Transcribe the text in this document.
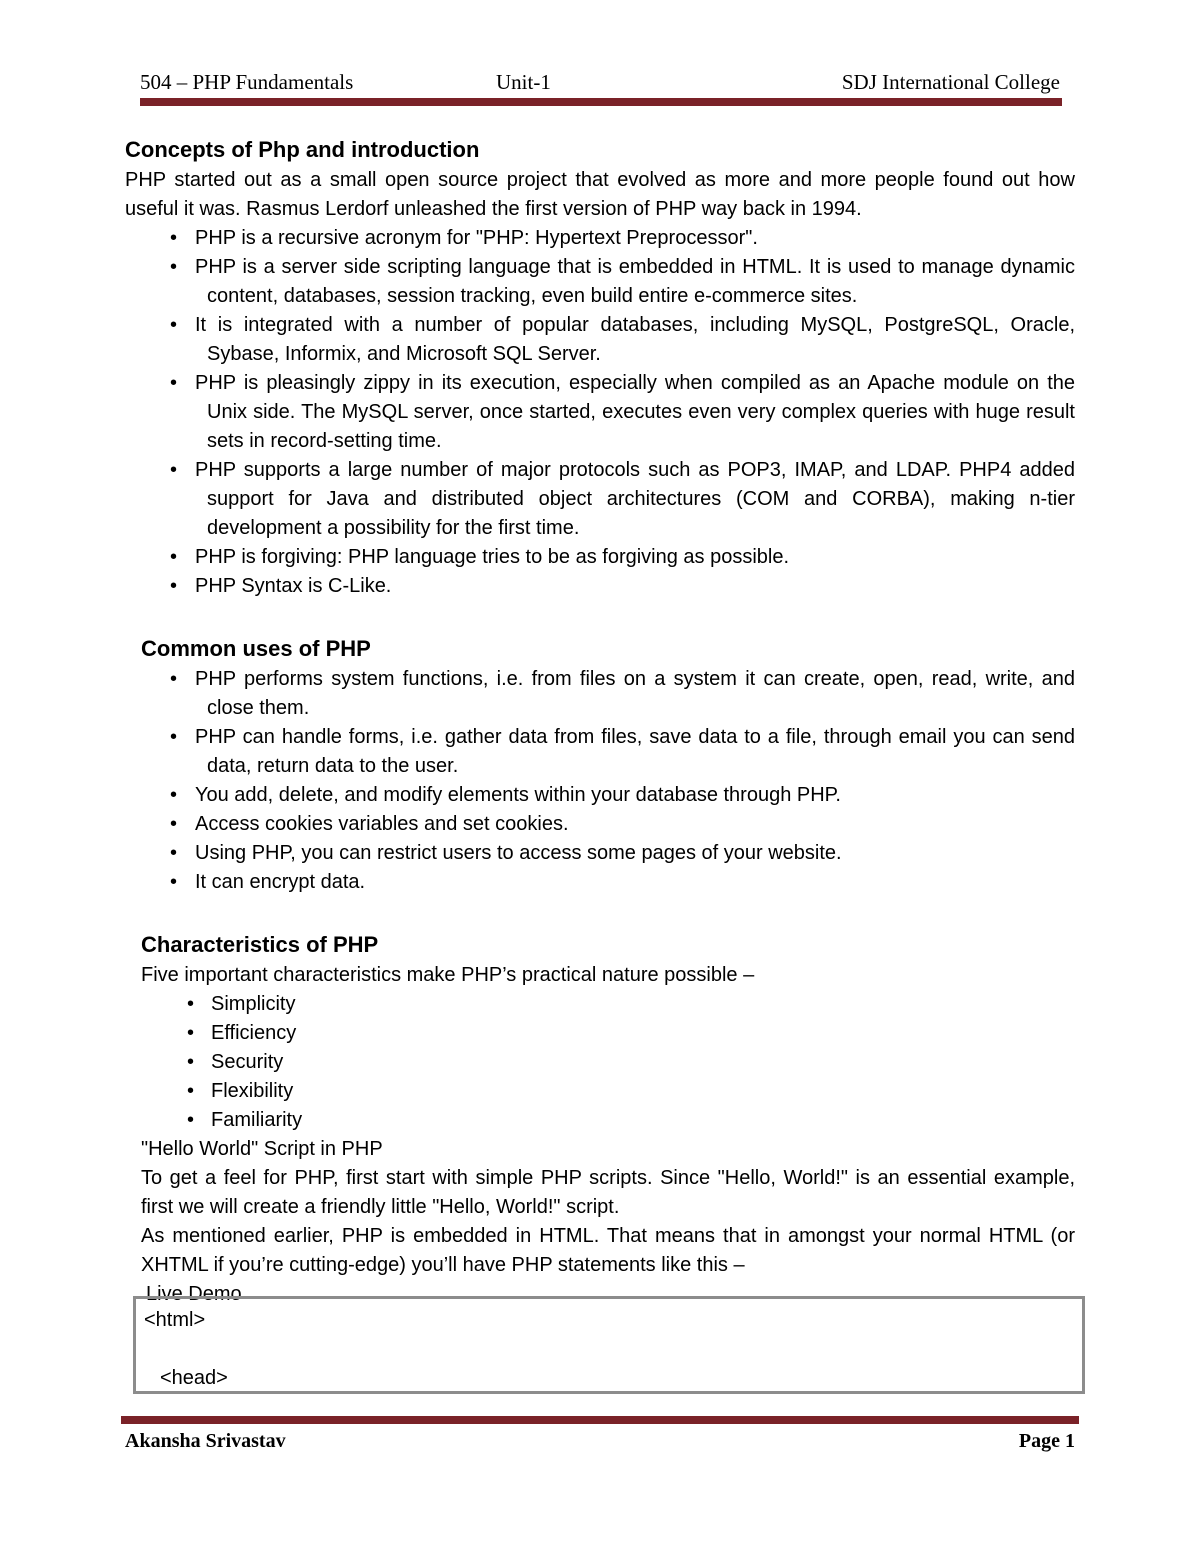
504 – PHP Fundamentals	Unit-1	SDJ International College
Concepts of Php and introduction

PHP started out as a small open source project that evolved as more and more people found out how useful it was. Rasmus Lerdorf unleashed the first version of PHP way back in 1994.

• PHP is a recursive acronym for "PHP: Hypertext Preprocessor".
• PHP is a server side scripting language that is embedded in HTML. It is used to manage dynamic content, databases, session tracking, even build entire e-commerce sites.
• It is integrated with a number of popular databases, including MySQL, PostgreSQL, Oracle, Sybase, Informix, and Microsoft SQL Server.
• PHP is pleasingly zippy in its execution, especially when compiled as an Apache module on the Unix side. The MySQL server, once started, executes even very complex queries with huge result sets in record-setting time.
• PHP supports a large number of major protocols such as POP3, IMAP, and LDAP. PHP4 added support for Java and distributed object architectures (COM and CORBA), making n-tier development a possibility for the first time.
• PHP is forgiving: PHP language tries to be as forgiving as possible.
• PHP Syntax is C-Like.
Common uses of PHP
• PHP performs system functions, i.e. from files on a system it can create, open, read, write, and close them.
• PHP can handle forms, i.e. gather data from files, save data to a file, through email you can send data, return data to the user.
• You add, delete, and modify elements within your database through PHP.
• Access cookies variables and set cookies.
• Using PHP, you can restrict users to access some pages of your website.
• It can encrypt data.
Characteristics of PHP

Five important characteristics make PHP’s practical nature possible –

• Simplicity
• Efficiency
• Security
• Flexibility
• Familiarity

"Hello World" Script in PHP

To get a feel for PHP, first start with simple PHP scripts. Since "Hello, World!" is an essential example, first we will create a friendly little "Hello, World!" script.

As mentioned earlier, PHP is embedded in HTML. That means that in amongst your normal HTML (or XHTML if you’re cutting-edge) you’ll have PHP statements like this –

Live Demo

<html>
<head>
Akansha Srivastav	Page 1
